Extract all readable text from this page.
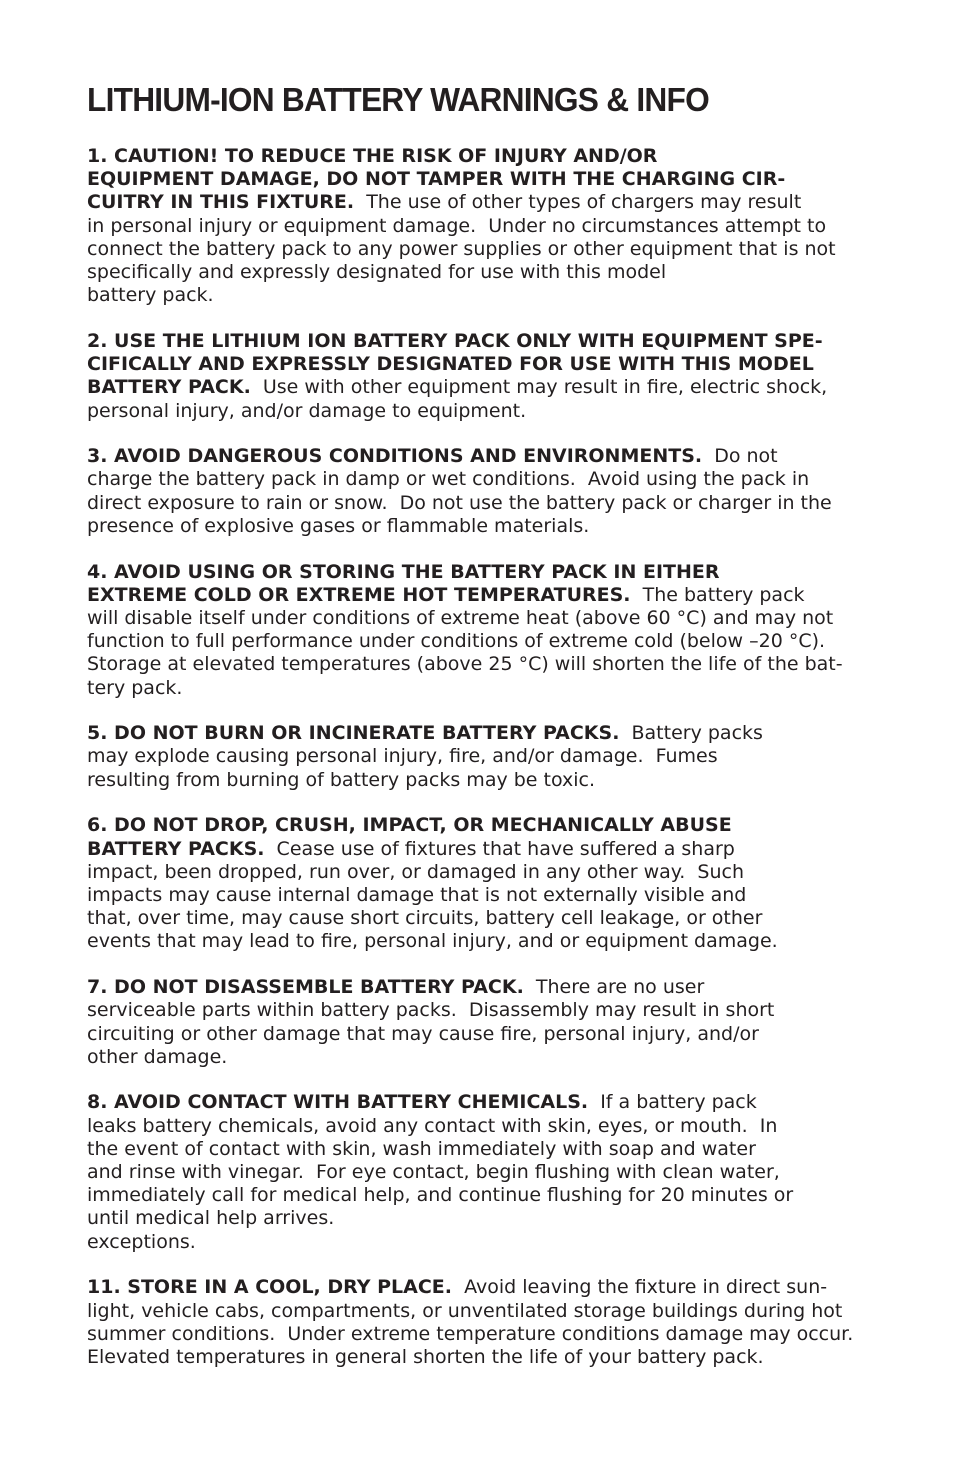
LITHIUM-ION BATTERY WARNINGS & INFO

1. CAUTION! TO REDUCE THE RISK OF INJURY AND/OR
EQUIPMENT DAMAGE, DO NOT TAMPER WITH THE CHARGING CIR-
CUITRY IN THIS FIXTURE.  The use of other types of chargers may result
in personal injury or equipment damage.  Under no circumstances attempt to
connect the battery pack to any power supplies or other equipment that is not
specifically and expressly designated for use with this model
battery pack.

2. USE THE LITHIUM ION BATTERY PACK ONLY WITH EQUIPMENT SPE-
CIFICALLY AND EXPRESSLY DESIGNATED FOR USE WITH THIS MODEL
BATTERY PACK.  Use with other equipment may result in fire, electric shock,
personal injury, and/or damage to equipment.

3. AVOID DANGEROUS CONDITIONS AND ENVIRONMENTS.  Do not
charge the battery pack in damp or wet conditions.  Avoid using the pack in
direct exposure to rain or snow.  Do not use the battery pack or charger in the
presence of explosive gases or flammable materials.

4. AVOID USING OR STORING THE BATTERY PACK IN EITHER
EXTREME COLD OR EXTREME HOT TEMPERATURES.  The battery pack
will disable itself under conditions of extreme heat (above 60 °C) and may not
function to full performance under conditions of extreme cold (below –20 °C).
Storage at elevated temperatures (above 25 °C) will shorten the life of the bat-
tery pack.

5. DO NOT BURN OR INCINERATE BATTERY PACKS.  Battery packs
may explode causing personal injury, fire, and/or damage.  Fumes
resulting from burning of battery packs may be toxic.

6. DO NOT DROP, CRUSH, IMPACT, OR MECHANICALLY ABUSE
BATTERY PACKS.  Cease use of fixtures that have suffered a sharp
impact, been dropped, run over, or damaged in any other way.  Such
impacts may cause internal damage that is not externally visible and
that, over time, may cause short circuits, battery cell leakage, or other
events that may lead to fire, personal injury, and or equipment damage.

7. DO NOT DISASSEMBLE BATTERY PACK.  There are no user
serviceable parts within battery packs.  Disassembly may result in short
circuiting or other damage that may cause fire, personal injury, and/or
other damage.

8. AVOID CONTACT WITH BATTERY CHEMICALS.  If a battery pack
leaks battery chemicals, avoid any contact with skin, eyes, or mouth.  In
the event of contact with skin, wash immediately with soap and water
and rinse with vinegar.  For eye contact, begin flushing with clean water,
immediately call for medical help, and continue flushing for 20 minutes or
until medical help arrives.
exceptions.

11. STORE IN A COOL, DRY PLACE.  Avoid leaving the fixture in direct sun-
light, vehicle cabs, compartments, or unventilated storage buildings during hot
summer conditions.  Under extreme temperature conditions damage may occur.
Elevated temperatures in general shorten the life of your battery pack.
